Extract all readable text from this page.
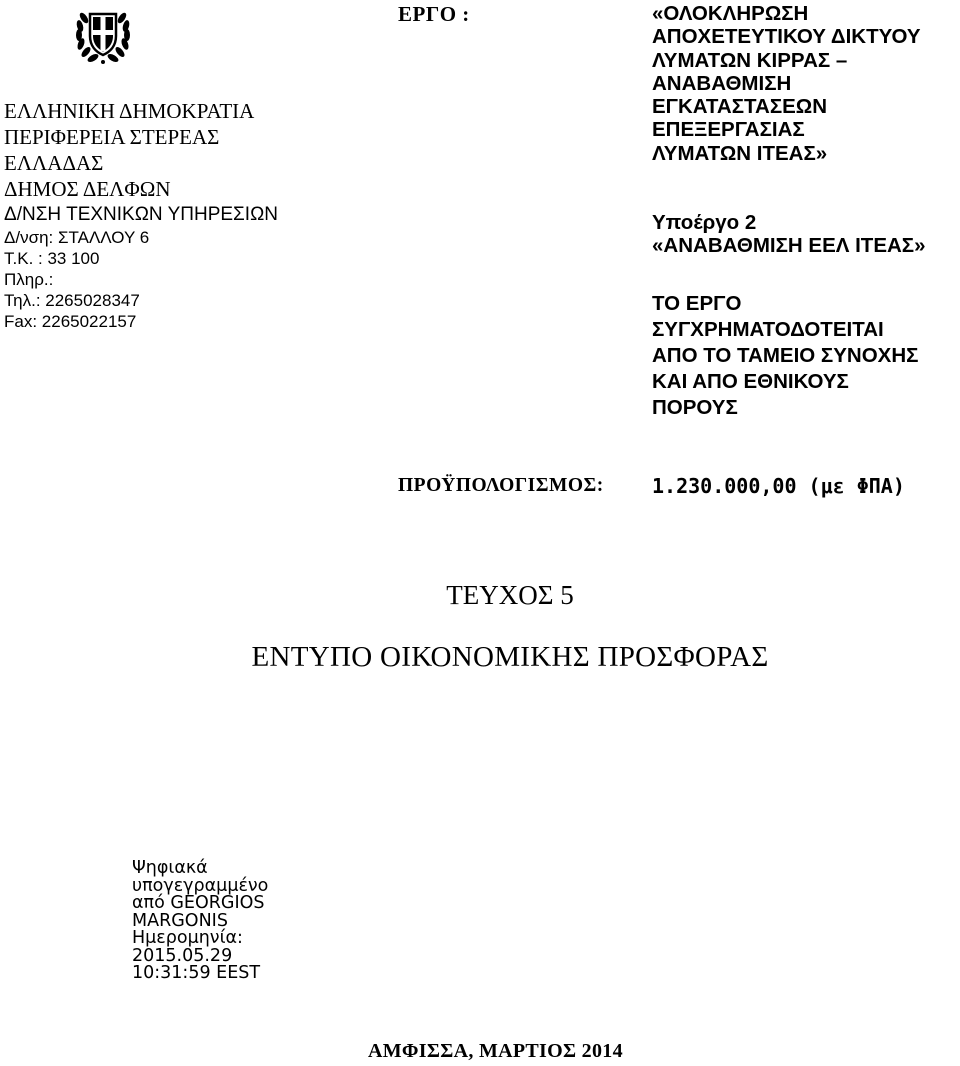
ΕΛΛΗΝΙΚΗ ΔΗΜΟΚΡΑΤΙΑ
ΠΕΡΙΦΕΡΕΙΑ ΣΤΕΡΕΑΣ
ΕΛΛΑΔΑΣ
ΔΗΜΟΣ ΔΕΛΦΩΝ
Δ/ΝΣΗ ΤΕΧΝΙΚΩΝ ΥΠΗΡΕΣΙΩΝ
Δ/νση: ΣΤΑΛΛΟΥ 6
Τ.Κ. : 33 100
Πληρ.:
Τηλ.: 2265028347
Fax: 2265022157
ΕΡΓΟ :	«ΟΛΟΚΛΗΡΩΣΗ
ΑΠΟΧΕΤΕΥΤΙΚΟΥ ΔΙΚΤΥΟΥ
ΛΥΜΑΤΩΝ ΚΙΡΡΑΣ –
ΑΝΑΒΑΘΜΙΣΗ
ΕΓΚΑΤΑΣΤΑΣΕΩΝ
ΕΠΕΞΕΡΓΑΣΙΑΣ
ΛΥΜΑΤΩΝ ΙΤΕΑΣ»
Υποέργο 2
«ΑΝΑΒΑΘΜΙΣΗ ΕΕΛ ΙΤΕΑΣ»
ΤΟ ΕΡΓΟ
ΣΥΓΧΡΗΜΑΤΟΔΟΤΕΙΤΑΙ
ΑΠΟ ΤΟ ΤΑΜΕΙΟ ΣΥΝΟΧΗΣ
ΚΑΙ ΑΠΟ ΕΘΝΙΚΟΥΣ
ΠΟΡΟΥΣ
ΠΡΟΫΠΟΛΟΓΙΣΜΟΣ: 1.230.000,00 (με ΦΠΑ)
ΤΕΥΧΟΣ 5
ΕΝΤΥΠΟ ΟΙΚΟΝΟΜΙΚΗΣ ΠΡΟΣΦΟΡΑΣ
Ψηφιακά
υπογεγραμμένο
από GEORGIOS
MARGONIS
Ημερομηνία:
2015.05.29
10:31:59 EEST
ΑΜΦΙΣΣΑ, ΜΑΡΤΙΟΣ 2014
